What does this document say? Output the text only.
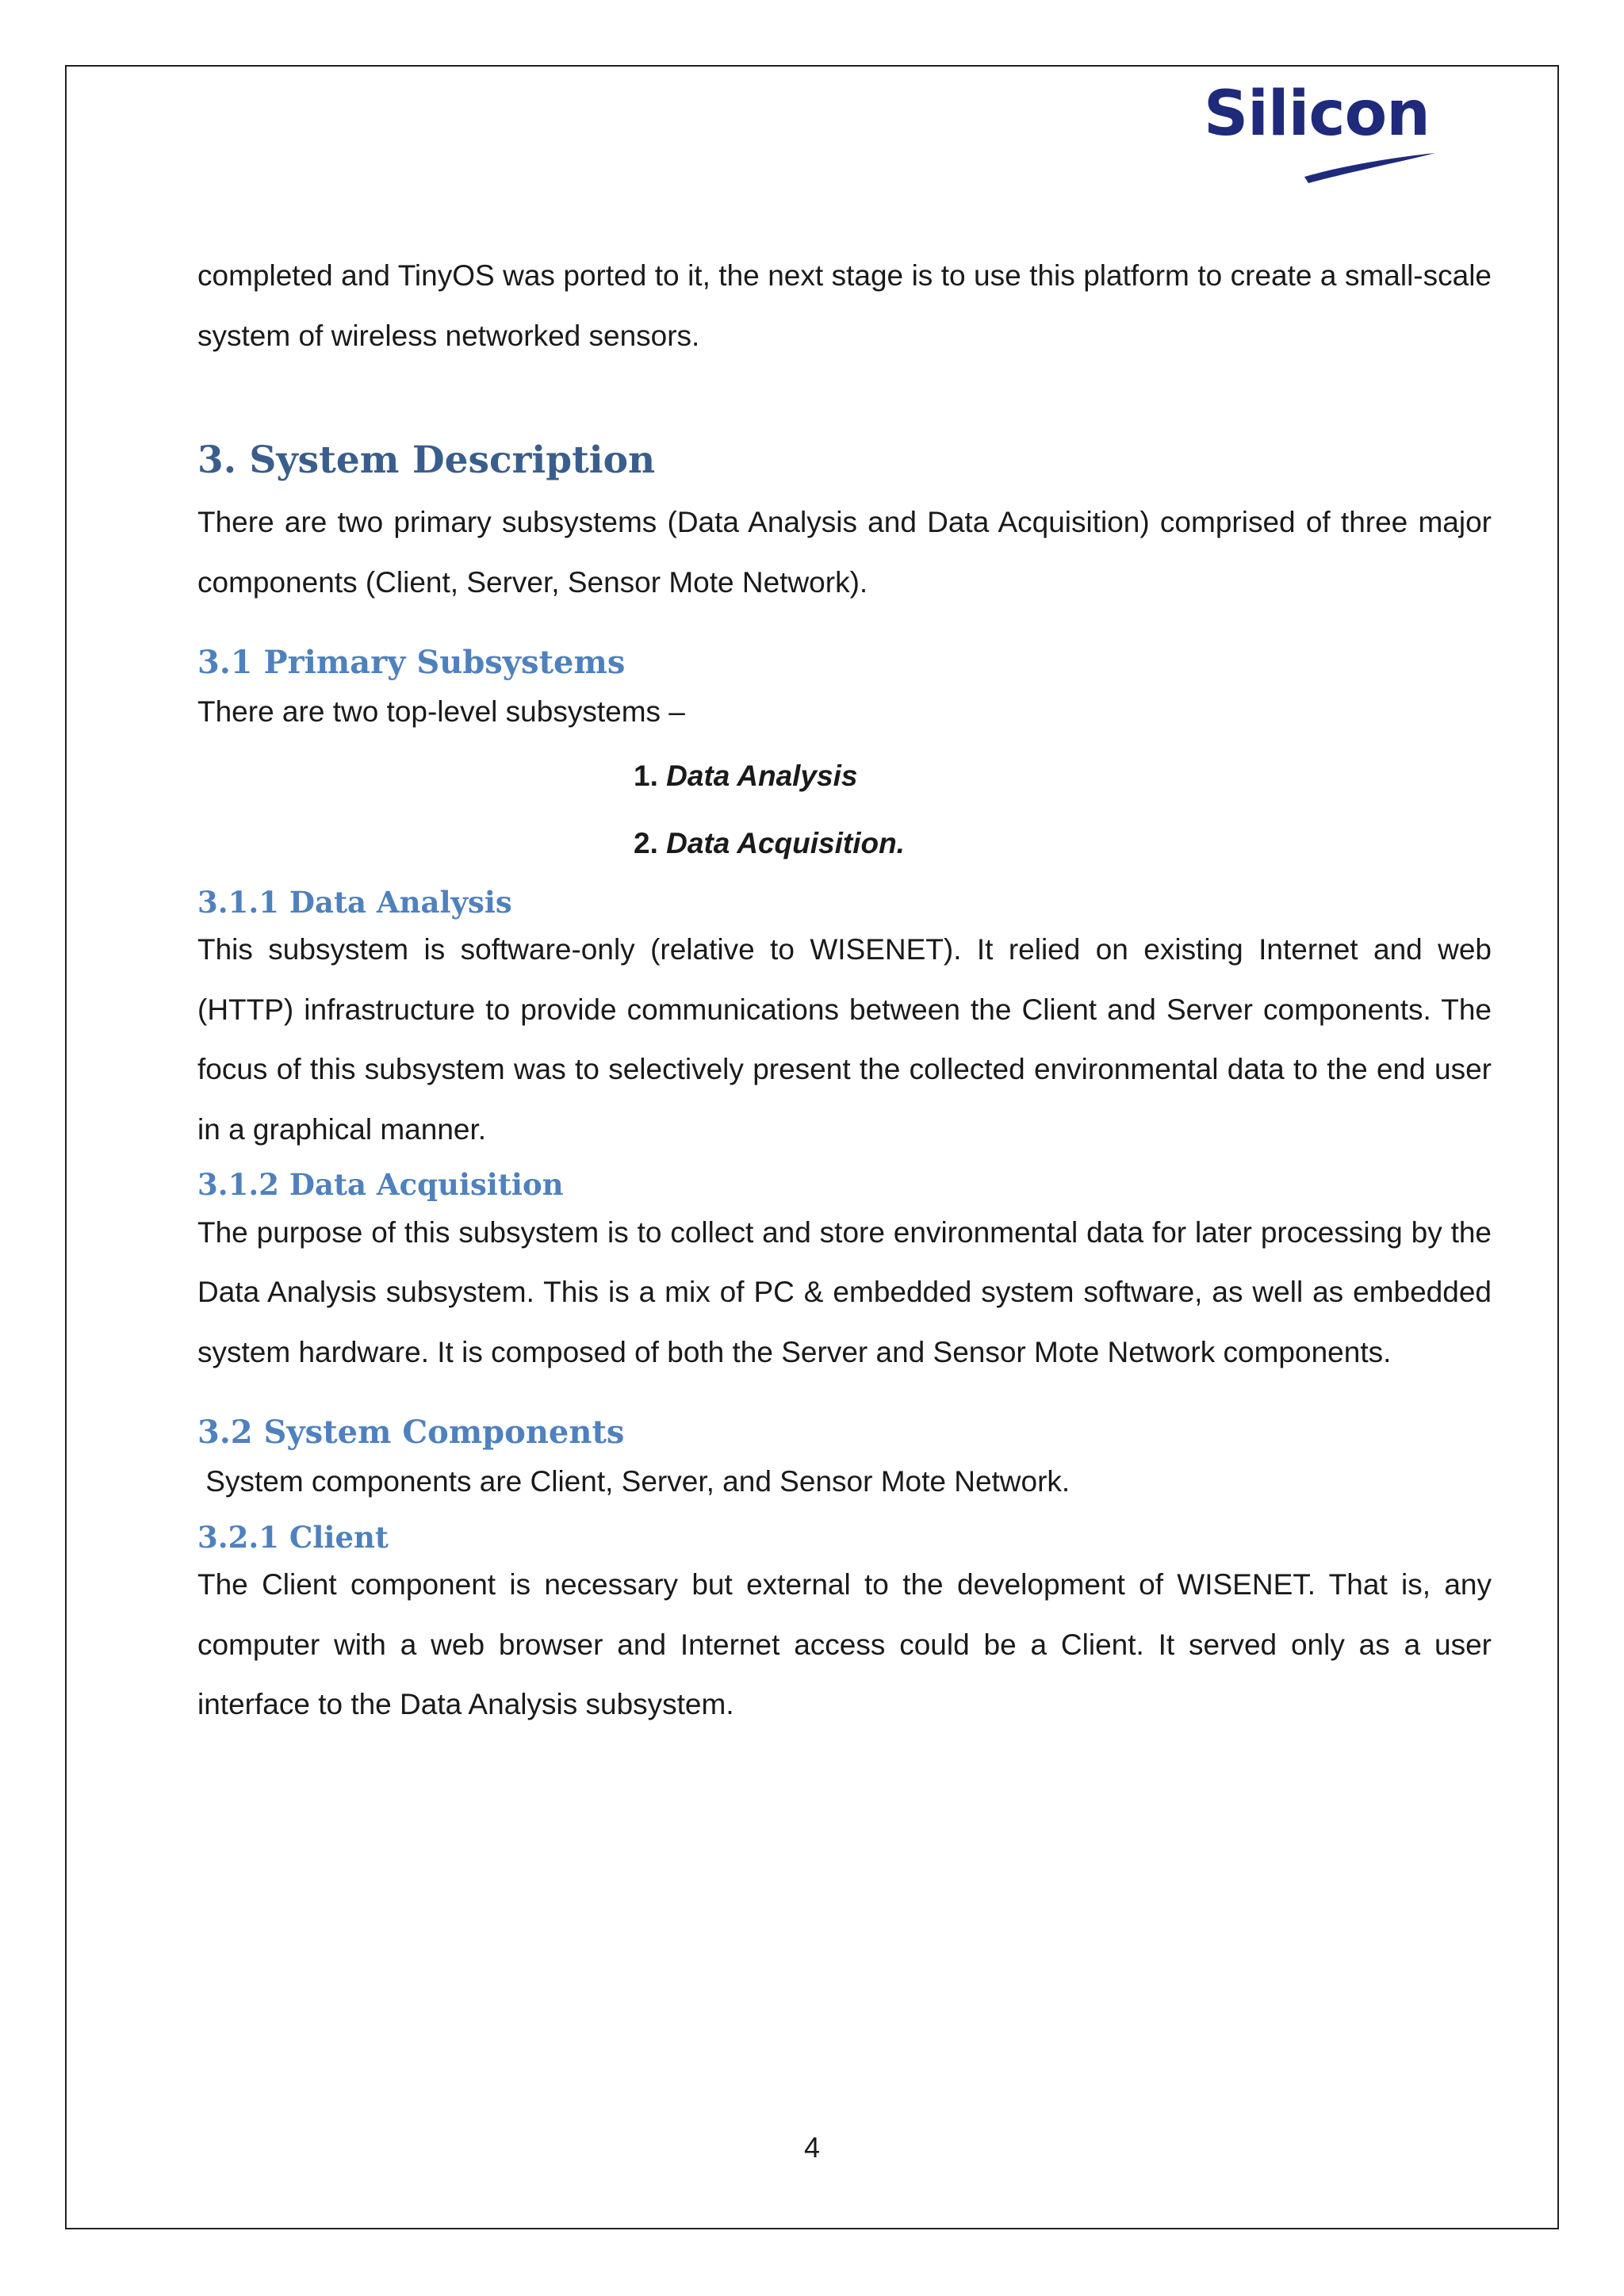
Silicon

completed and TinyOS was ported to it, the next stage is to use this platform to create a small-scale system of wireless networked sensors.

3. System Description

There are two primary subsystems (Data Analysis and Data Acquisition) comprised of three major components (Client, Server, Sensor Mote Network).

3.1 Primary Subsystems

There are two top-level subsystems –

1. Data Analysis
2. Data Acquisition.
3.1.1 Data Analysis

This subsystem is software-only (relative to WISENET). It relied on existing Internet and web (HTTP) infrastructure to provide communications between the Client and Server components. The focus of this subsystem was to selectively present the collected environmental data to the end user in a graphical manner.

3.1.2 Data Acquisition

The purpose of this subsystem is to collect and store environmental data for later processing by the Data Analysis subsystem. This is a mix of PC & embedded system software, as well as embedded system hardware. It is composed of both the Server and Sensor Mote Network components.

3.2 System Components

System components are Client, Server, and Sensor Mote Network.

3.2.1 Client

The Client component is necessary but external to the development of WISENET. That is, any computer with a web browser and Internet access could be a Client. It served only as a user interface to the Data Analysis subsystem.

4
